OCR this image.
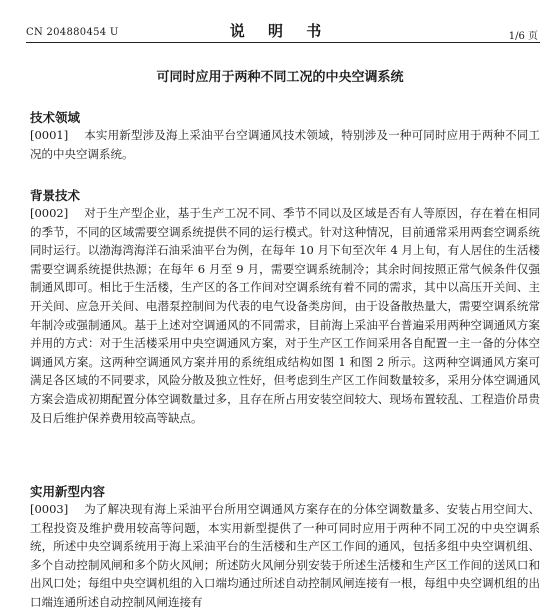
CN 204880454 U	说 明 书	1/6 页
可同时应用于两种不同工况的中央空调系统
技术领域
[0001] 本实用新型涉及海上采油平台空调通风技术领域，特别涉及一种可同时应用于两种不同工况的中央空调系统。
背景技术
[0002] 对于生产型企业，基于生产工况不同、季节不同以及区域是否有人等原因，存在着在相同的季节，不同的区域需要空调系统提供不同的运行模式。针对这种情况，目前通常采用两套空调系统同时运行。以渤海湾海洋石油采油平台为例，在每年 10 月下旬至次年 4 月上旬，有人居住的生活楼需要空调系统提供热源；在每年 6 月至 9 月，需要空调系统制冷；其余时间按照正常气候条件仅强制通风即可。相比于生活楼，生产区的各工作间对空调系统有着不同的需求，其中以高压开关间、主开关间、应急开关间、电潜泵控制间为代表的电气设备类房间，由于设备散热量大，需要空调系统常年制冷或强制通风。基于上述对空调通风的不同需求，目前海上采油平台普遍采用两种空调通风方案并用的方式：对于生活楼采用中央空调通风方案，对于生产区工作间采用各自配置一主一备的分体空调通风方案。这两种空调通风方案并用的系统组成结构如图 1 和图 2 所示。这两种空调通风方案可满足各区域的不同要求，风险分散及独立性好，但考虑到生产区工作间数量较多，采用分体空调通风方案会造成初期配置分体空调数量过多，且存在所占用安装空间较大、现场布置较乱、工程造价昂贵及日后维护保养费用较高等缺点。
实用新型内容
[0003] 为了解决现有海上采油平台所用空调通风方案存在的分体空调数量多、安装占用空间大、工程投资及维护费用较高等问题，本实用新型提供了一种可同时应用于两种不同工况的中央空调系统，所述中央空调系统用于海上采油平台的生活楼和生产区工作间的通风，包括多组中央空调机组、多个自动控制风闸和多个防火风闸；所述防火风闸分别安装于所述生活楼和生产区工作间的送风口和出风口处；每组中央空调机组的入口端均通过所述自动控制风闸连接有一根，每组中央空调机组的出口端连通所述自动控制风闸连接有
